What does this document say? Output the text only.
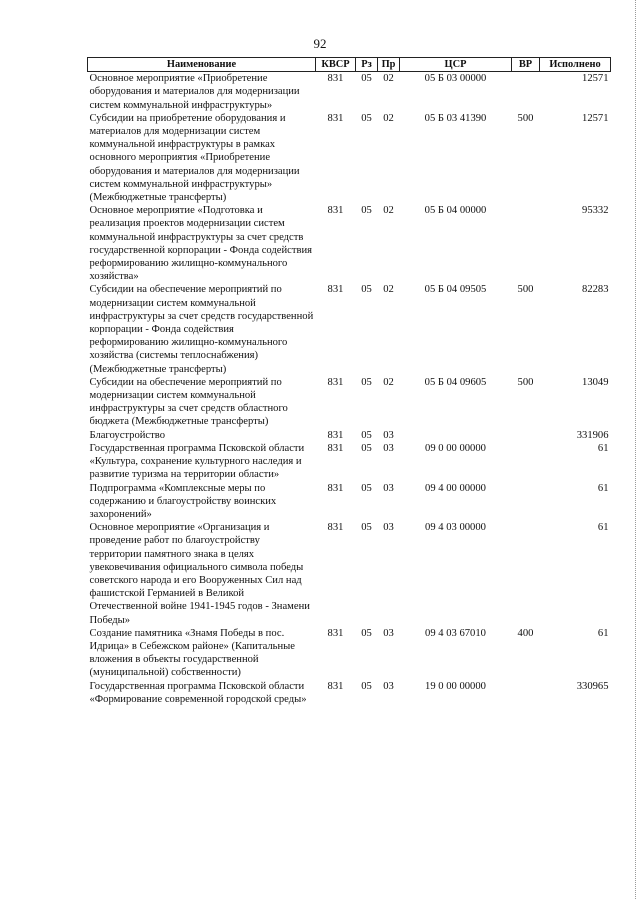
92
Наименование	КВСР	Рз	Пр	ЦСР	ВР	Исполнено
Основное мероприятие «Приобретение оборудования и материалов для модернизации систем коммунальной инфраструктуры»	831	05	02	05 Б 03 00000		12571
Субсидии на приобретение оборудования и материалов для модернизации систем коммунальной инфраструктуры в рамках основного мероприятия «Приобретение оборудования и материалов для модернизации систем коммунальной инфраструктуры» (Межбюджетные трансферты)	831	05	02	05 Б 03 41390	500	12571
Основное мероприятие «Подготовка и реализация проектов модернизации систем коммунальной инфраструктуры за счет средств государственной корпорации - Фонда содействия реформированию жилищно-коммунального хозяйства»	831	05	02	05 Б 04 00000		95332
Субсидии на обеспечение мероприятий по модернизации систем коммунальной инфраструктуры за счет средств государственной корпорации - Фонда содействия реформированию жилищно-коммунального хозяйства (системы теплоснабжения) (Межбюджетные трансферты)	831	05	02	05 Б 04 09505	500	82283
Субсидии на обеспечение мероприятий по модернизации систем коммунальной инфраструктуры за счет средств областного бюджета (Межбюджетные трансферты)	831	05	02	05 Б 04 09605	500	13049
Благоустройство	831	05	03			331906
Государственная программа Псковской области «Культура, сохранение культурного наследия и развитие туризма на территории области»	831	05	03	09 0 00 00000		61
Подпрограмма «Комплексные меры по содержанию и благоустройству воинских захоронений»	831	05	03	09 4 00 00000		61
Основное мероприятие «Организация и проведение работ по благоустройству территории памятного знака в целях увековечивания официального символа победы советского народа и его Вооруженных Сил над фашистской Германией в Великой Отечественной войне 1941-1945 годов - Знамени Победы»	831	05	03	09 4 03 00000		61
Создание памятника «Знамя Победы в пос. Идрица» в Себежском районе» (Капитальные вложения в объекты государственной (муниципальной) собственности)	831	05	03	09 4 03 67010	400	61
Государственная программа Псковской области «Формирование современной городской среды»	831	05	03	19 0 00 00000		330965
